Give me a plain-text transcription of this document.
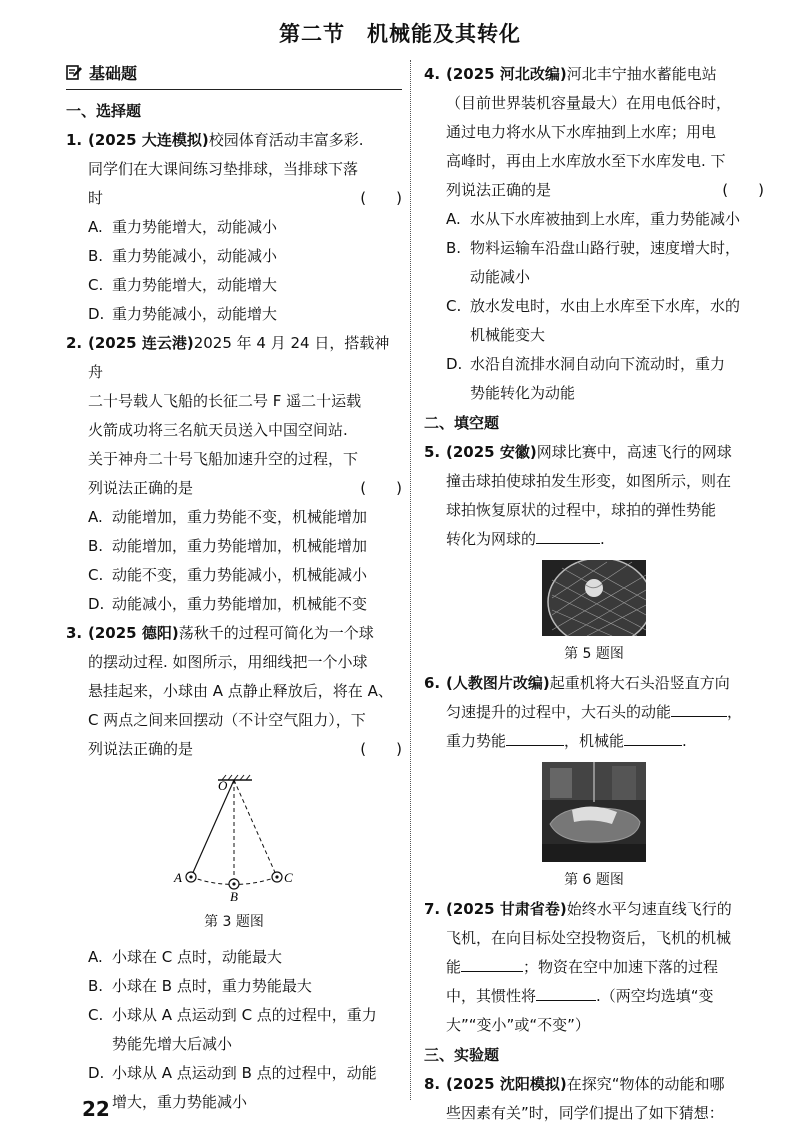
第二节　机械能及其转化
基础题
一、选择题
1. (2025 大连模拟)校园体育活动丰富多彩.
同学们在大课间练习垫排球，当排球下落
时	(　　)
A. 重力势能增大，动能减小
B. 重力势能减小，动能减小
C. 重力势能增大，动能增大
D. 重力势能减小，动能增大
2. (2025 连云港)2025 年 4 月 24 日，搭载神舟
二十号载人飞船的长征二号 F 遥二十运载
火箭成功将三名航天员送入中国空间站.
关于神舟二十号飞船加速升空的过程，下
列说法正确的是	(　　)
A. 动能增加，重力势能不变，机械能增加
B. 动能增加，重力势能增加，机械能增加
C. 动能不变，重力势能减小，机械能减小
D. 动能减小，重力势能增加，机械能不变
3. (2025 德阳)荡秋千的过程可简化为一个球
的摆动过程. 如图所示，用细线把一个小球
悬挂起来，小球由 A 点静止释放后，将在 A、
C 两点之间来回摆动（不计空气阻力），下
列说法正确的是	(　　)
O
A
B
C
第 3 题图
A. 小球在 C 点时，动能最大
B. 小球在 B 点时，重力势能最大
C. 小球从 A 点运动到 C 点的过程中，重力
势能先增大后减小
D. 小球从 A 点运动到 B 点的过程中，动能
增大，重力势能减小
4. (2025 河北改编)河北丰宁抽水蓄能电站
（目前世界装机容量最大）在用电低谷时，
通过电力将水从下水库抽到上水库；用电
高峰时，再由上水库放水至下水库发电. 下
列说法正确的是	(　　)
A. 水从下水库被抽到上水库，重力势能减小
B. 物料运输车沿盘山路行驶，速度增大时，
动能减小
C. 放水发电时，水由上水库至下水库，水的
机械能变大
D. 水沿自流排水洞自动向下流动时，重力
势能转化为动能
二、填空题
5. (2025 安徽)网球比赛中，高速飞行的网球
撞击球拍使球拍发生形变，如图所示，则在
球拍恢复原状的过程中，球拍的弹性势能
转化为网球的	.
第 5 题图
6. (人教图片改编)起重机将大石头沿竖直方向
匀速提升的过程中，大石头的动能	，
重力势能	，机械能	.
第 6 题图
7. (2025 甘肃省卷)始终水平匀速直线飞行的
飞机，在向目标处空投物资后，飞机的机械
能	；物资在空中加速下落的过程
中，其惯性将	.（两空均选填“变
大”“变小”或“不变”）
三、实验题
8. (2025 沈阳模拟)在探究“物体的动能和哪
些因素有关”时，同学们提出了如下猜想：
22
